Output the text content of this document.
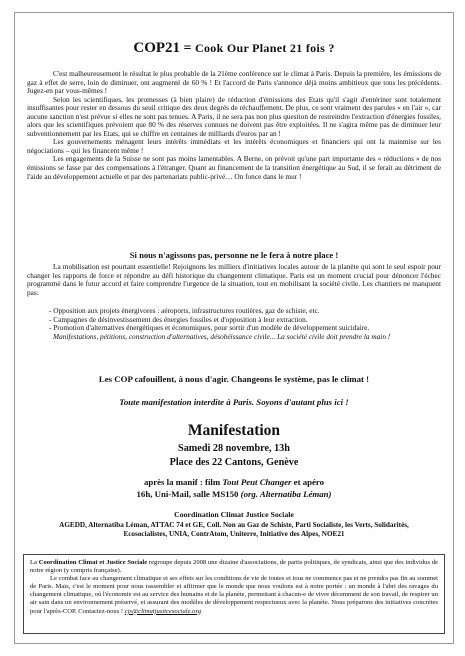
COP21 = Cook Our Planet 21 fois ?

C'est malheureusement le résultat le plus probable de la 21ème conférence sur le climat à Paris. Depuis la première, les émissions de gaz à effet de serre, loin de diminuer, ont augmenté de 60 % ! Et l'accord de Paris s'annonce déjà moins ambitieux que tous les précédents. Jugez-en par vous-mêmes !

Selon les scientifiques, les promesses (à bien plaire) de réduction d'émissions des Etats qu'il s'agit d'entériner sont totalement insuffisantes pour rester en dessous du seuil critique des deux degrés de réchauffement. De plus, ce sont vraiment des paroles « en l'air », car aucune sanction n'est prévue si elles ne sont pas tenues. A Paris, il ne sera pas non plus question de restreindre l'extraction d'énergies fossiles, alors que les scientifiques prévoient que 80 % des réserves connues ne doivent pas être exploitées. Il ne s'agira même pas de diminuer leur subventionnement par les Etats, qui se chiffre en centaines de milliards d'euros par an !

Les gouvernements ménagent leurs intérêts immédiats et les intérêts économiques et financiers qui ont la mainmise sur les négociations – qui les financent même !

Les engagements de la Suisse ne sont pas moins lamentables. A Berne, on prévoit qu'une part importante des « réductions » de nos émissions se fasse par des compensations à l'étranger. Quant au financement de la transition énergétique au Sud, il se ferait au détriment de l'aide au développement actuelle et par des partenariats public-privé… On fonce dans le mur !

Si nous n'agissons pas, personne ne le fera à notre place !

La mobilisation est pourtant essentielle! Rejoignons les milliers d'initiatives locales autour de la planète qui sont le seul espoir pour changer les rapports de force et répondre au défi historique du changement climatique. Paris est un moment crucial pour dénoncer l'échec programmé dans le futur accord et faire comprendre l'urgence de la situation, tout en mobilisant la société civile. Les chantiers ne manquent pas:

- Opposition aux projets énergivores : aéroports, infrastructures routières, gaz de schiste, etc.
- Campagnes de désinvestissement des énergies fossiles et d'opposition à leur extraction.
- Promotion d'alternatives énergétiques et économiques, pour sortir d'un modèle de développement suicidaire.
Manifestations, pétitions, construction d'alternatives, désobéissance civile... La société civile doit prendre la main !
Les COP cafouillent, à nous d'agir. Changeons le système, pas le climat !
Toute manifestation interdite à Paris. Soyons d'autant plus ici !
Manifestation
Samedi 28 novembre, 13h
Place des 22 Cantons, Genève
après la manif : film Tout Peut Changer et apéro
16h, Uni-Mail, salle MS150 (org. Alternatiba Léman)
Coordination Climat Justice Sociale
AGEDD, Alternatiba Léman, ATTAC 74 et GE, Coll. Non au Gaz de Schiste, Parti Socialiste, les Verts, Solidarités, Ecosocialistes, UNIA, ContrAtom, Uniterre, Initiative des Alpes, NOE21
La Coordination Climat et Justice Sociale regroupe depuis 2008 une dizaine d'associations, de partis politiques, de syndicats, ainsi que des individus de notre région (y compris française).
Le combat face au changement climatique et ses effets sur les conditions de vie de toutes et tous ne commence pas et ne prendra pas fin au sommet de Paris. Mais, c'est le moment pour nous rassembler et affirmer que le monde que nous voulons est à notre portée : un monde à l'abri des ravages du changement climatique, où l'économie est au service des humains et de la planète, permettant à chacun-e de vivre décemment de son travail, de respirer un air sain dans un environnement préservé, et assurant des modèles de développement respectueux avec la planète. Nous préparons des initiatives concrètes pour l'après-COP. Contactez-nous ! cjs@climatjusticesociale.org
